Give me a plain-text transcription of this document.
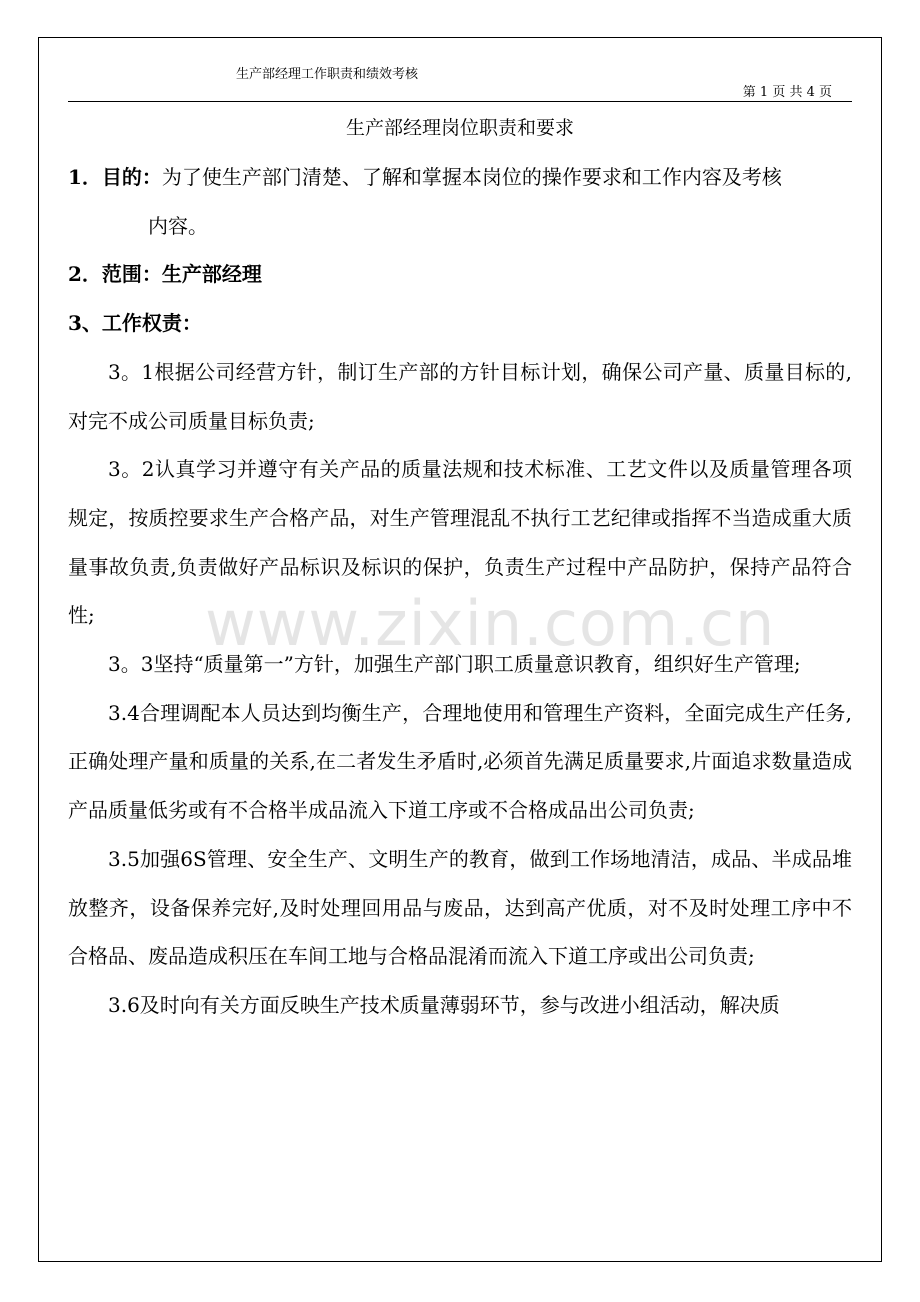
生产部经理工作职责和绩效考核
第 1 页 共 4 页
生产部经理岗位职责和要求

1．目的：为了使生产部门清楚、了解和掌握本岗位的操作要求和工作内容及考核

内容。

2．范围：生产部经理

3、工作权责：

3。1根据公司经营方针，制订生产部的方针目标计划，确保公司产量、质量目标的,对完不成公司质量目标负责;

3。2认真学习并遵守有关产品的质量法规和技术标准、工艺文件以及质量管理各项规定，按质控要求生产合格产品，对生产管理混乱不执行工艺纪律或指挥不当造成重大质量事故负责,负责做好产品标识及标识的保护，负责生产过程中产品防护，保持产品符合性;

3。3坚持“质量第一”方针，加强生产部门职工质量意识教育，组织好生产管理;

3.4合理调配本人员达到均衡生产，合理地使用和管理生产资料，全面完成生产任务,正确处理产量和质量的关系,在二者发生矛盾时,必须首先满足质量要求,片面追求数量造成产品质量低劣或有不合格半成品流入下道工序或不合格成品出公司负责;

3.5加强6S管理、安全生产、文明生产的教育，做到工作场地清洁，成品、半成品堆放整齐，设备保养完好,及时处理回用品与废品，达到高产优质，对不及时处理工序中不合格品、废品造成积压在车间工地与合格品混淆而流入下道工序或出公司负责;

3.6及时向有关方面反映生产技术质量薄弱环节，参与改进小组活动，解决质

www.zixin.com.cn
